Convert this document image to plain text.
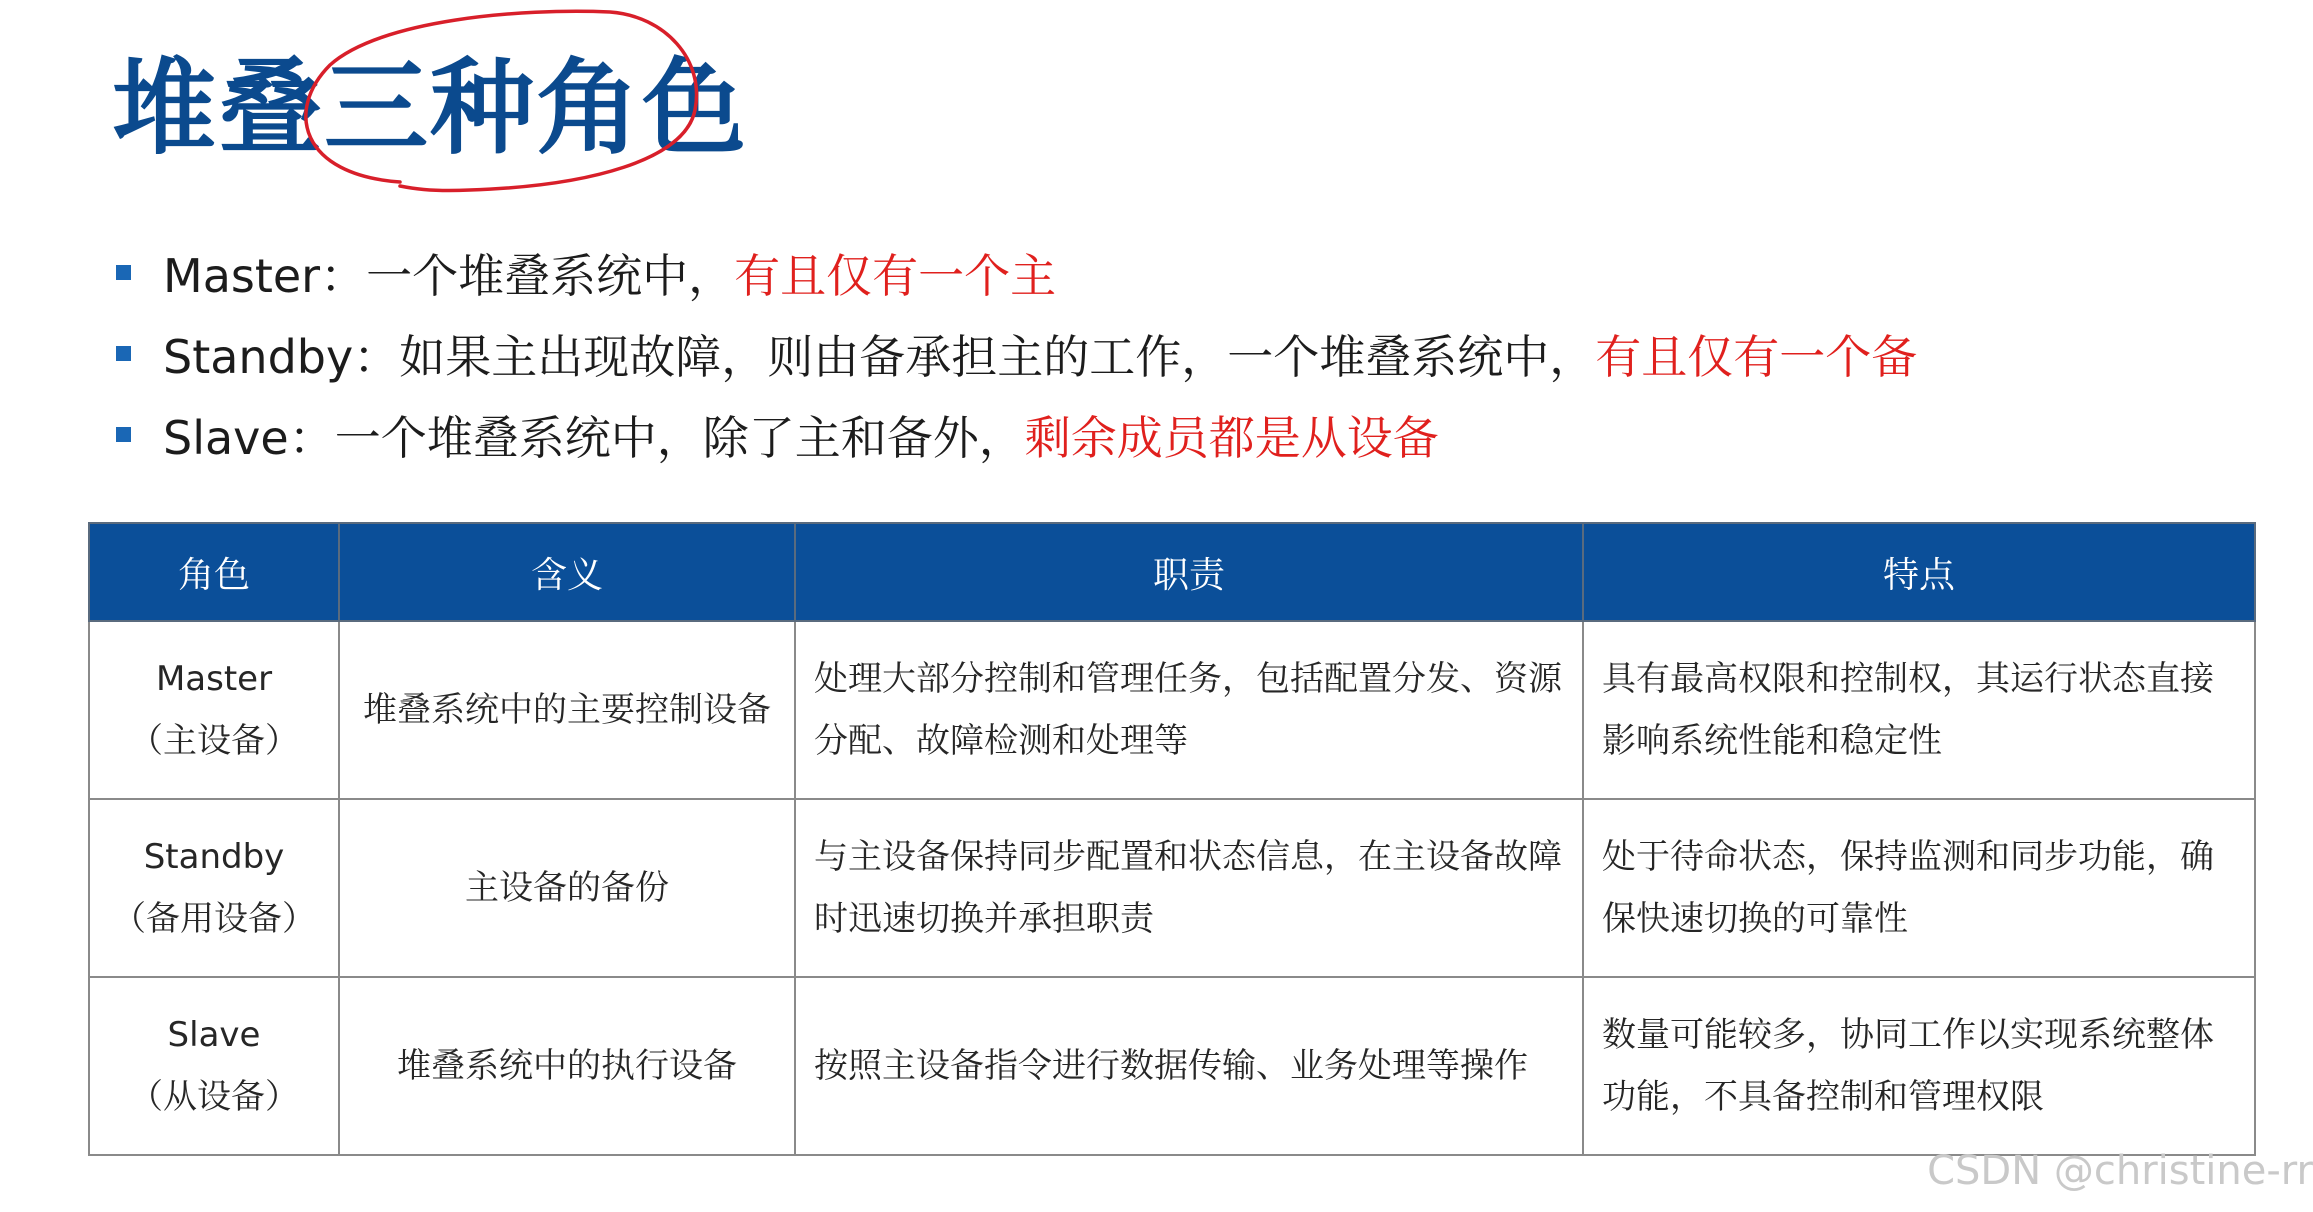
堆叠三种角色
Master： 一个堆叠系统中， 有且仅有一个主
Standby： 如果主出现故障，则由备承担主的工作，一个堆叠系统中， 有且仅有一个备
Slave： 一个堆叠系统中，除了主和备外， 剩余成员都是从设备
角色	含义	职责	特点

Master
（主设备）	堆叠系统中的主要控制设备	处理大部分控制和管理任务，包括配置分发、资源分配、故障检测和处理等	具有最高权限和控制权，其运行状态直接影响系统性能和稳定性

Standby
（备用设备）	主设备的备份	与主设备保持同步配置和状态信息，在主设备故障时迅速切换并承担职责	处于待命状态，保持监测和同步功能，确保快速切换的可靠性

Slave
（从设备）	堆叠系统中的执行设备	按照主设备指令进行数据传输、业务处理等操作	数量可能较多，协同工作以实现系统整体功能，不具备控制和管理权限
CSDN @christine-rr
